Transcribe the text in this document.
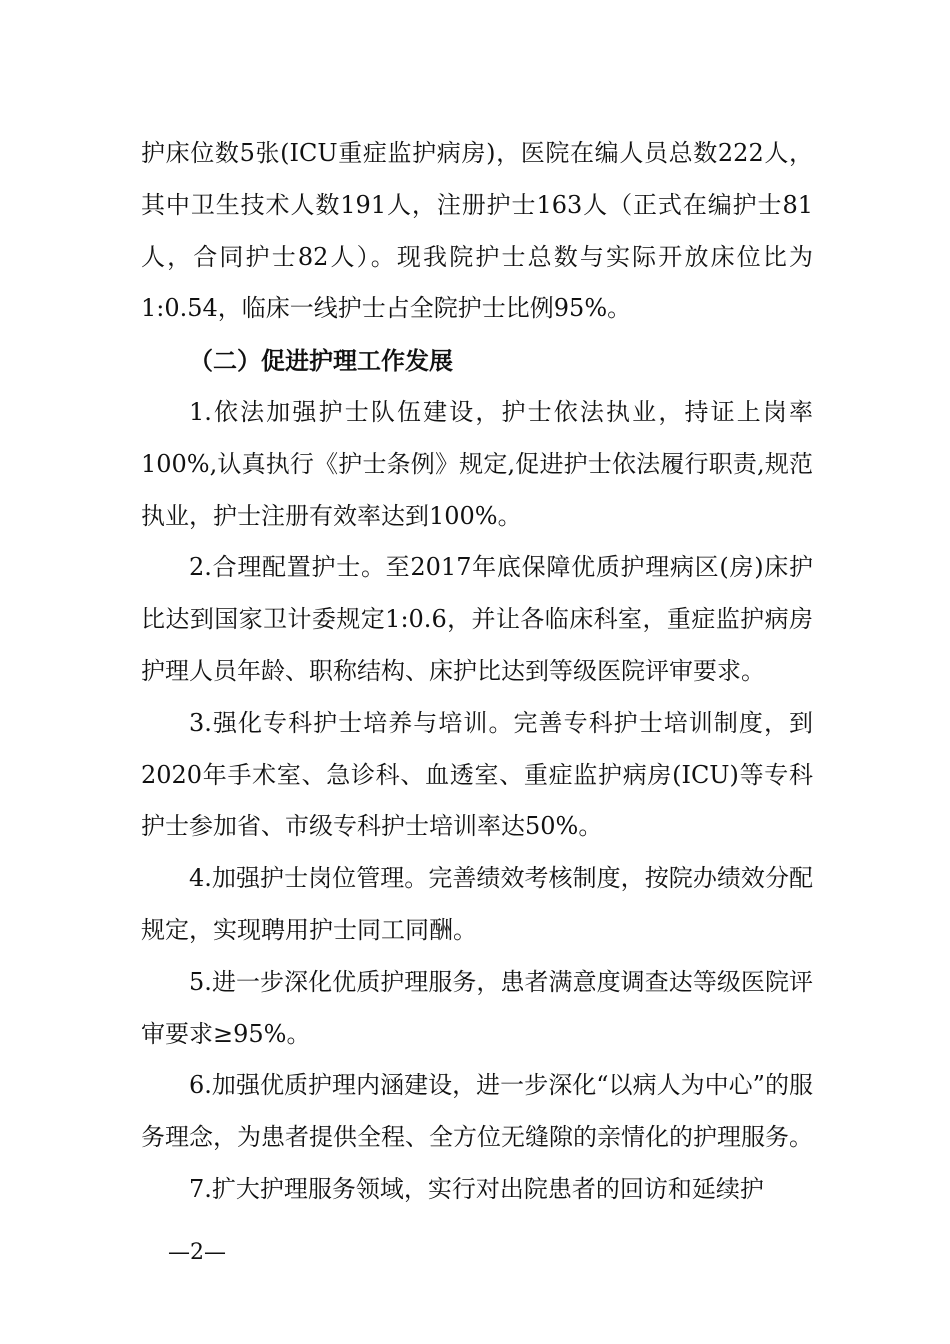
护床位数5张(ICU重症监护病房)，医院在编人员总数222人，其中卫生技术人数191人，注册护士163人（正式在编护士81人，合同护士82人）。现我院护士总数与实际开放床位比为1:0.54，临床一线护士占全院护士比例95%。

（二）促进护理工作发展

1.依法加强护士队伍建设，护士依法执业，持证上岗率100%,认真执行《护士条例》规定,促进护士依法履行职责,规范执业，护士注册有效率达到100%。

2.合理配置护士。至2017年底保障优质护理病区(房)床护比达到国家卫计委规定1:0.6，并让各临床科室，重症监护病房护理人员年龄、职称结构、床护比达到等级医院评审要求。

3.强化专科护士培养与培训。完善专科护士培训制度，到2020年手术室、急诊科、血透室、重症监护病房(ICU)等专科护士参加省、市级专科护士培训率达50%。

4.加强护士岗位管理。完善绩效考核制度，按院办绩效分配规定，实现聘用护士同工同酬。

5.进一步深化优质护理服务，患者满意度调查达等级医院评审要求≥95%。

6.加强优质护理内涵建设，进一步深化“以病人为中心”的服务理念，为患者提供全程、全方位无缝隙的亲情化的护理服务。

7.扩大护理服务领域，实行对出院患者的回访和延续护

—2—
